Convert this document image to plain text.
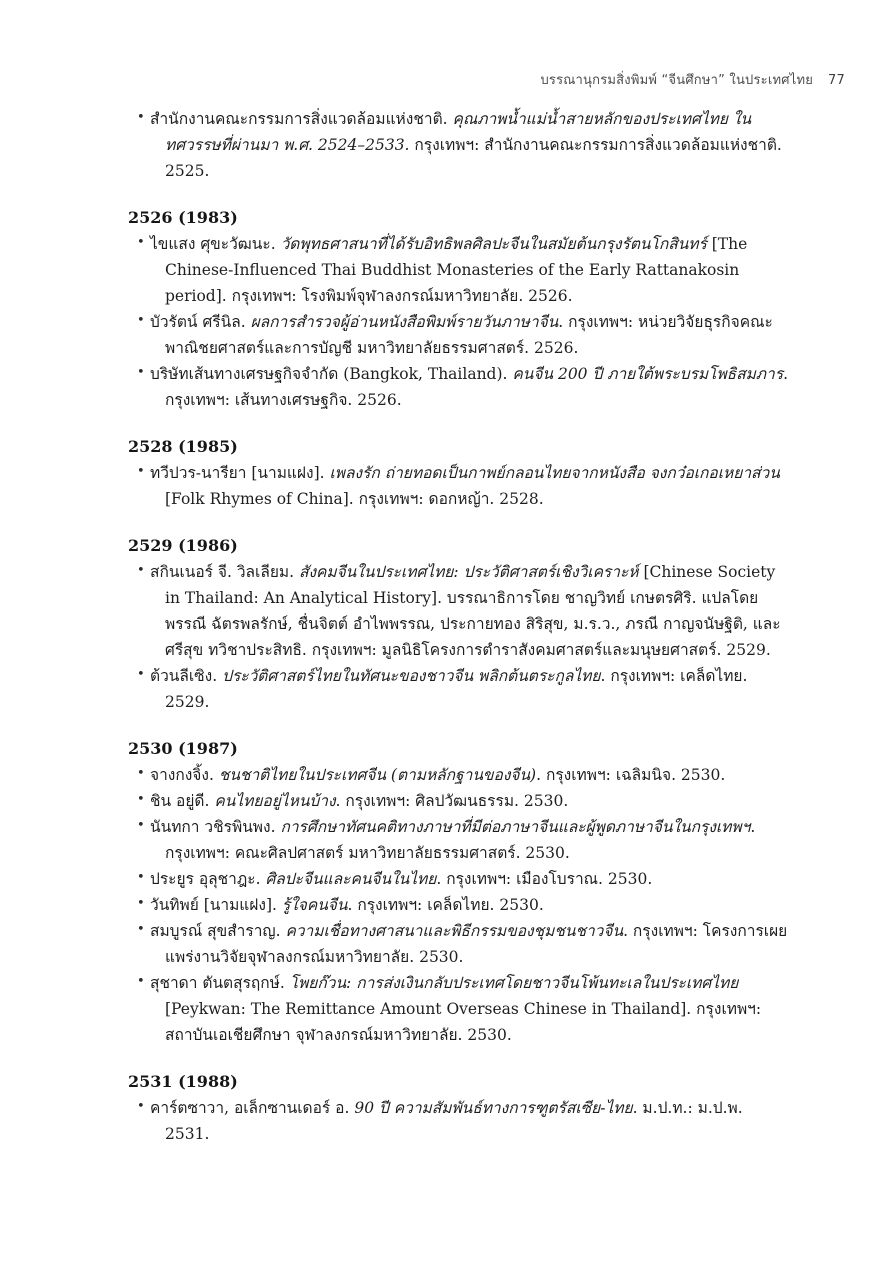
บรรณานุกรมสิ่งพิมพ์ “จีนศึกษา” ในประเทศไทย 77
• สำนักงานคณะกรรมการสิ่งแวดล้อมแห่งชาติ. คุณภาพน้ำแม่น้ำสายหลักของประเทศไทย ในทศวรรษที่ผ่านมา พ.ศ. 2524–2533. กรุงเทพฯ: สำนักงานคณะกรรมการสิ่งแวดล้อมแห่งชาติ. 2525.
2526 (1983)
• ไขแสง ศุขะวัฒนะ. วัดพุทธศาสนาที่ได้รับอิทธิพลศิลปะจีนในสมัยต้นกรุงรัตนโกสินทร์ [The Chinese-Influenced Thai Buddhist Monasteries of the Early Rattanakosin period]. กรุงเทพฯ: โรงพิมพ์จุฬาลงกรณ์มหาวิทยาลัย. 2526.
• บัวรัตน์ ศรีนิล. ผลการสำรวจผู้อ่านหนังสือพิมพ์รายวันภาษาจีน. กรุงเทพฯ: หน่วยวิจัยธุรกิจคณะพาณิชยศาสตร์และการบัญชี มหาวิทยาลัยธรรมศาสตร์. 2526.
• บริษัทเส้นทางเศรษฐกิจจำกัด (Bangkok, Thailand). คนจีน 200 ปี ภายใต้พระบรมโพธิสมภาร. กรุงเทพฯ: เส้นทางเศรษฐกิจ. 2526.
2528 (1985)
• ทวีปวร-นารียา [นามแฝง]. เพลงรัก ถ่ายทอดเป็นกาพย์กลอนไทยจากหนังสือ จงกว๋อเกอเหยาส่วน [Folk Rhymes of China]. กรุงเทพฯ: ดอกหญ้า. 2528.
2529 (1986)
• สกินเนอร์ จี. วิลเลียม. สังคมจีนในประเทศไทย: ประวัติศาสตร์เชิงวิเคราะห์ [Chinese Society in Thailand: An Analytical History]. บรรณาธิการโดย ชาญวิทย์ เกษตรศิริ. แปลโดย พรรณี ฉัตรพลรักษ์, ชื่นจิตต์ อำไพพรรณ, ประกายทอง สิริสุข, ม.ร.ว., ภรณี กาญจนัษฐิติ, และ ศรีสุข ทวิชาประสิทธิ. กรุงเทพฯ: มูลนิธิโครงการตำราสังคมศาสตร์และมนุษยศาสตร์. 2529.
• ต้วนลีเซิง. ประวัติศาสตร์ไทยในทัศนะของชาวจีน พลิกต้นตระกูลไทย. กรุงเทพฯ: เคล็ดไทย. 2529.
2530 (1987)
• จางกงจิ้ง. ชนชาติไทยในประเทศจีน (ตามหลักฐานของจีน). กรุงเทพฯ: เฉลิมนิจ. 2530.
• ชิน อยู่ดี. คนไทยอยู่ไหนบ้าง. กรุงเทพฯ: ศิลปวัฒนธรรม. 2530.
• นันทกา วชิรพินพง. การศึกษาทัศนคติทางภาษาที่มีต่อภาษาจีนและผู้พูดภาษาจีนในกรุงเทพฯ. กรุงเทพฯ: คณะศิลปศาสตร์ มหาวิทยาลัยธรรมศาสตร์. 2530.
• ประยูร อุลุชาฎะ. ศิลปะจีนและคนจีนในไทย. กรุงเทพฯ: เมืองโบราณ. 2530.
• วันทิพย์ [นามแฝง]. รู้ใจคนจีน. กรุงเทพฯ: เคล็ดไทย. 2530.
• สมบูรณ์ สุขสำราญ. ความเชื่อทางศาสนาและพิธีกรรมของชุมชนชาวจีน. กรุงเทพฯ: โครงการเผยแพร่งานวิจัยจุฬาลงกรณ์มหาวิทยาลัย. 2530.
• สุชาดา ตันตสุรฤกษ์. โพยก๊วน: การส่งเงินกลับประเทศโดยชาวจีนโพ้นทะเลในประเทศไทย [Peykwan: The Remittance Amount Overseas Chinese in Thailand]. กรุงเทพฯ: สถาบันเอเชียศึกษา จุฬาลงกรณ์มหาวิทยาลัย. 2530.
2531 (1988)
• คาร์ตซาวา, อเล็กซานเดอร์ อ. 90 ปี ความสัมพันธ์ทางการฑูตรัสเซีย-ไทย. ม.ป.ท.: ม.ป.พ. 2531.
